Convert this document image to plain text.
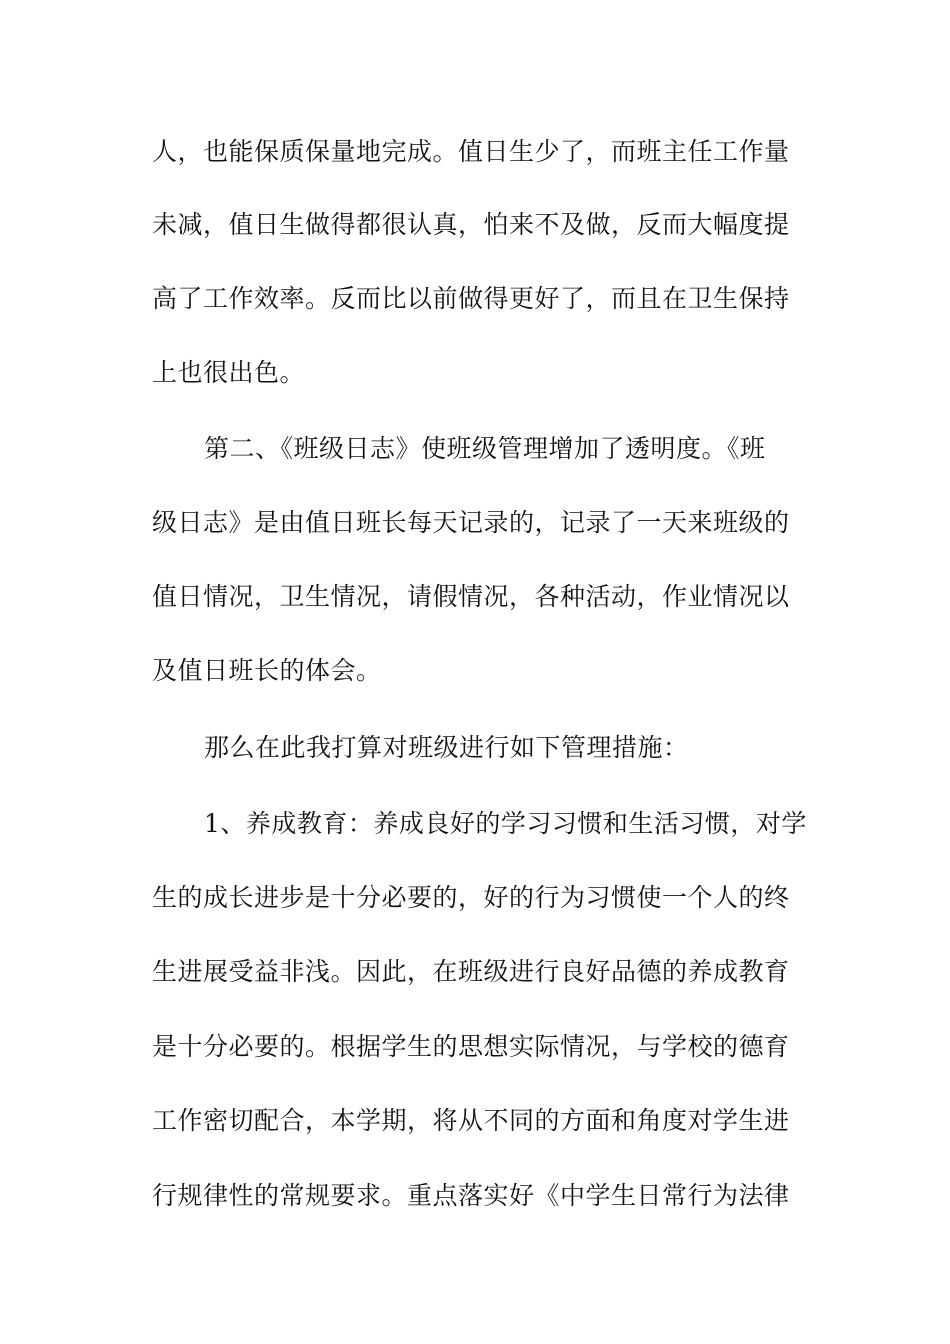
人，也能保质保量地完成。值日生少了，而班主任工作量
未减，值日生做得都很认真，怕来不及做，反而大幅度提
高了工作效率。反而比以前做得更好了，而且在卫生保持
上也很出色。
第二、《班级日志》使班级管理增加了透明度。《班
级日志》是由值日班长每天记录的，记录了一天来班级的
值日情况，卫生情况，请假情况，各种活动，作业情况以
及值日班长的体会。
那么在此我打算对班级进行如下管理措施：
1、养成教育：养成良好的学习习惯和生活习惯，对学
生的成长进步是十分必要的，好的行为习惯使一个人的终
生进展受益非浅。因此，在班级进行良好品德的养成教育
是十分必要的。根据学生的思想实际情况，与学校的德育
工作密切配合，本学期，将从不同的方面和角度对学生进
行规律性的常规要求。重点落实好《中学生日常行为法律
